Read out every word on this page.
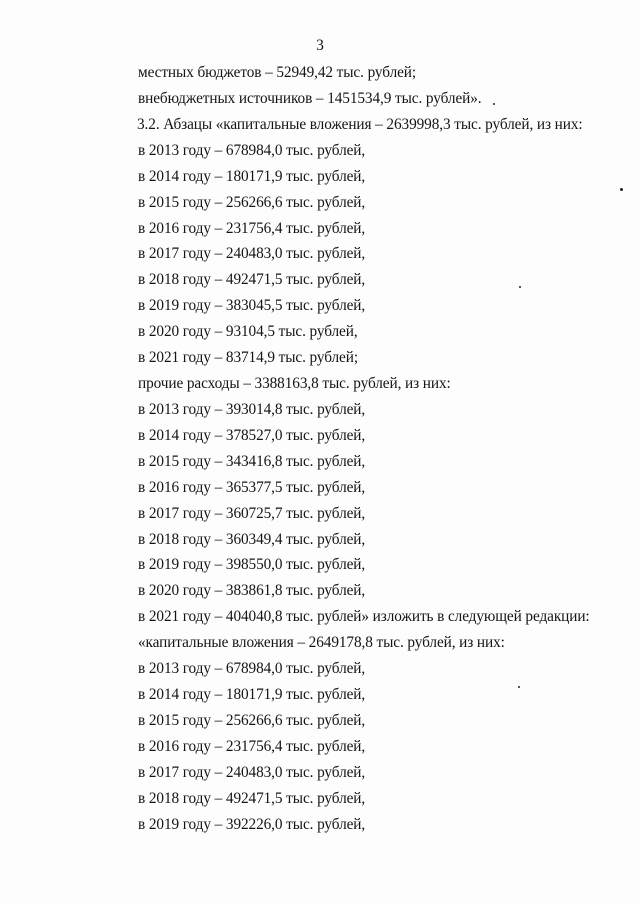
3
местных бюджетов – 52949,42 тыс. рублей;
внебюджетных источников – 1451534,9 тыс. рублей».
3.2. Абзацы «капитальные вложения – 2639998,3 тыс. рублей, из них:
в 2013 году – 678984,0 тыс. рублей,
в 2014 году – 180171,9 тыс. рублей,
в 2015 году – 256266,6 тыс. рублей,
в 2016 году – 231756,4 тыс. рублей,
в 2017 году – 240483,0 тыс. рублей,
в 2018 году – 492471,5 тыс. рублей,
в 2019 году – 383045,5 тыс. рублей,
в 2020 году – 93104,5 тыс. рублей,
в 2021 году – 83714,9 тыс. рублей;
прочие расходы – 3388163,8 тыс. рублей, из них:
в 2013 году – 393014,8 тыс. рублей,
в 2014 году – 378527,0 тыс. рублей,
в 2015 году – 343416,8 тыс. рублей,
в 2016 году – 365377,5 тыс. рублей,
в 2017 году – 360725,7 тыс. рублей,
в 2018 году – 360349,4 тыс. рублей,
в 2019 году – 398550,0 тыс. рублей,
в 2020 году – 383861,8 тыс. рублей,
в 2021 году – 404040,8 тыс. рублей» изложить в следующей редакции:
«капитальные вложения – 2649178,8 тыс. рублей, из них:
в 2013 году – 678984,0 тыс. рублей,
в 2014 году – 180171,9 тыс. рублей,
в 2015 году – 256266,6 тыс. рублей,
в 2016 году – 231756,4 тыс. рублей,
в 2017 году – 240483,0 тыс. рублей,
в 2018 году – 492471,5 тыс. рублей,
в 2019 году – 392226,0 тыс. рублей,
